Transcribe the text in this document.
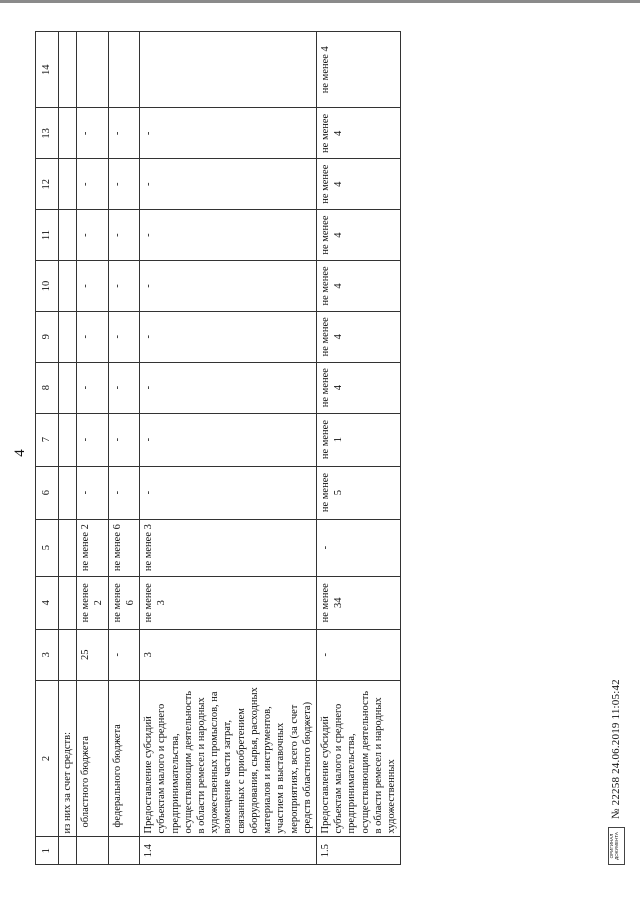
4
1	2	3	4	5	6	7	8	9	10	11	12	13	14
	из них за счет средств:												
	областного бюджета	25	не менее 2	не менее 2	-	-	-	-	-	-	-	-	
	федерального бюджета	-	не менее 6	не менее 6	-	-	-	-	-	-	-	-	
1.4	Предоставление субсидий субъектам малого и среднего предпринимательства, осуществляющим деятельность в области ремесел и народных художественных промыслов, на возмещение части затрат, связанных с приобретением оборудования, сырья, расходных материалов и инструментов, участием в выставочных мероприятиях, всего (за счет средств областного бюджета)	3	не менее 3	не менее 3	-	-	-	-	-	-	-	-	
1.5	Предоставление субсидий субъектам малого и среднего предпринимательства, осуществляющим деятельность в области ремесел и народных художественных	-	не менее 34	-	не менее 5	не менее 1	не менее 4	не менее 4	не менее 4	не менее 4	не менее 4	не менее 4	не менее 4
ОРИГИНАЛ ДОКУМЕНТА
№ 22258 24.06.2019 11:05:42
